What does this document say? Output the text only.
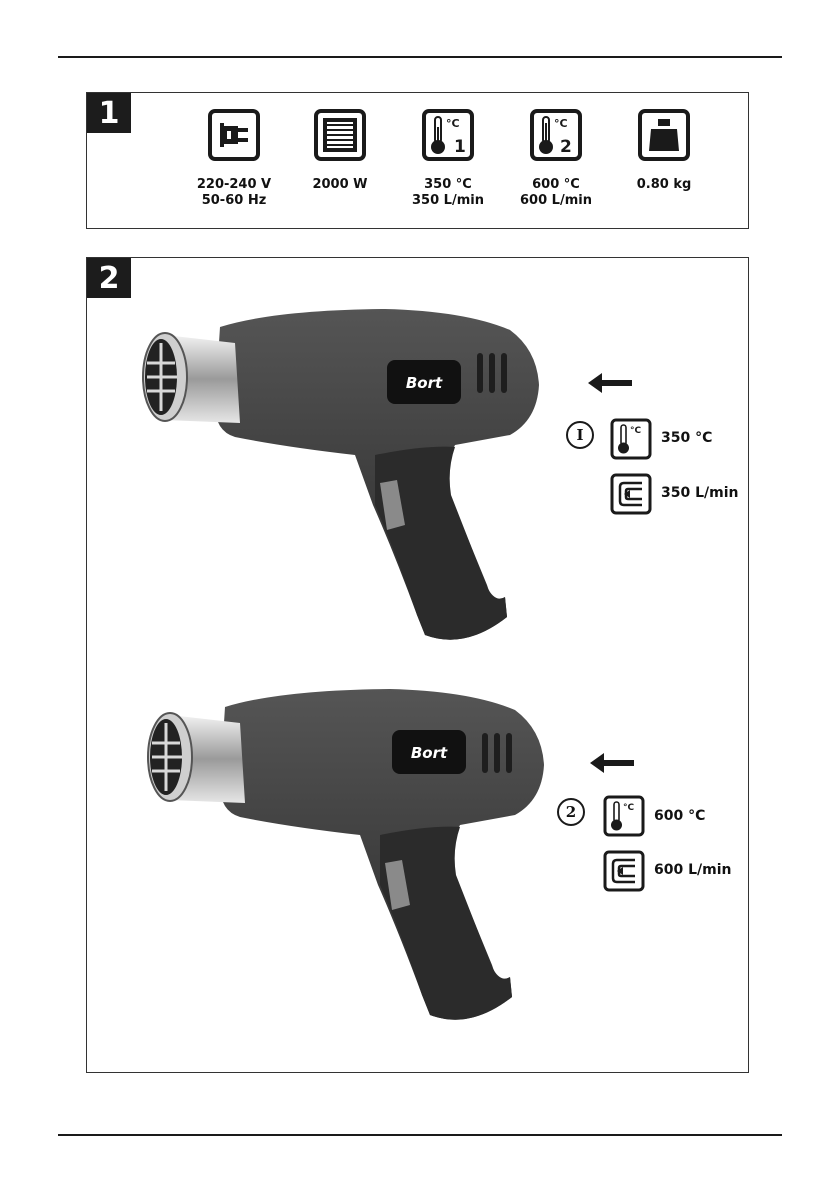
1
220-240 V
50-60 Hz
2000 W
°C
1
350 °C
350 L/min
°C
2
600 °C
600 L/min
0.80 kg
2
Bort
I	°C 350 °C
350 L/min
Bort
2	°C 600 °C
600 L/min
